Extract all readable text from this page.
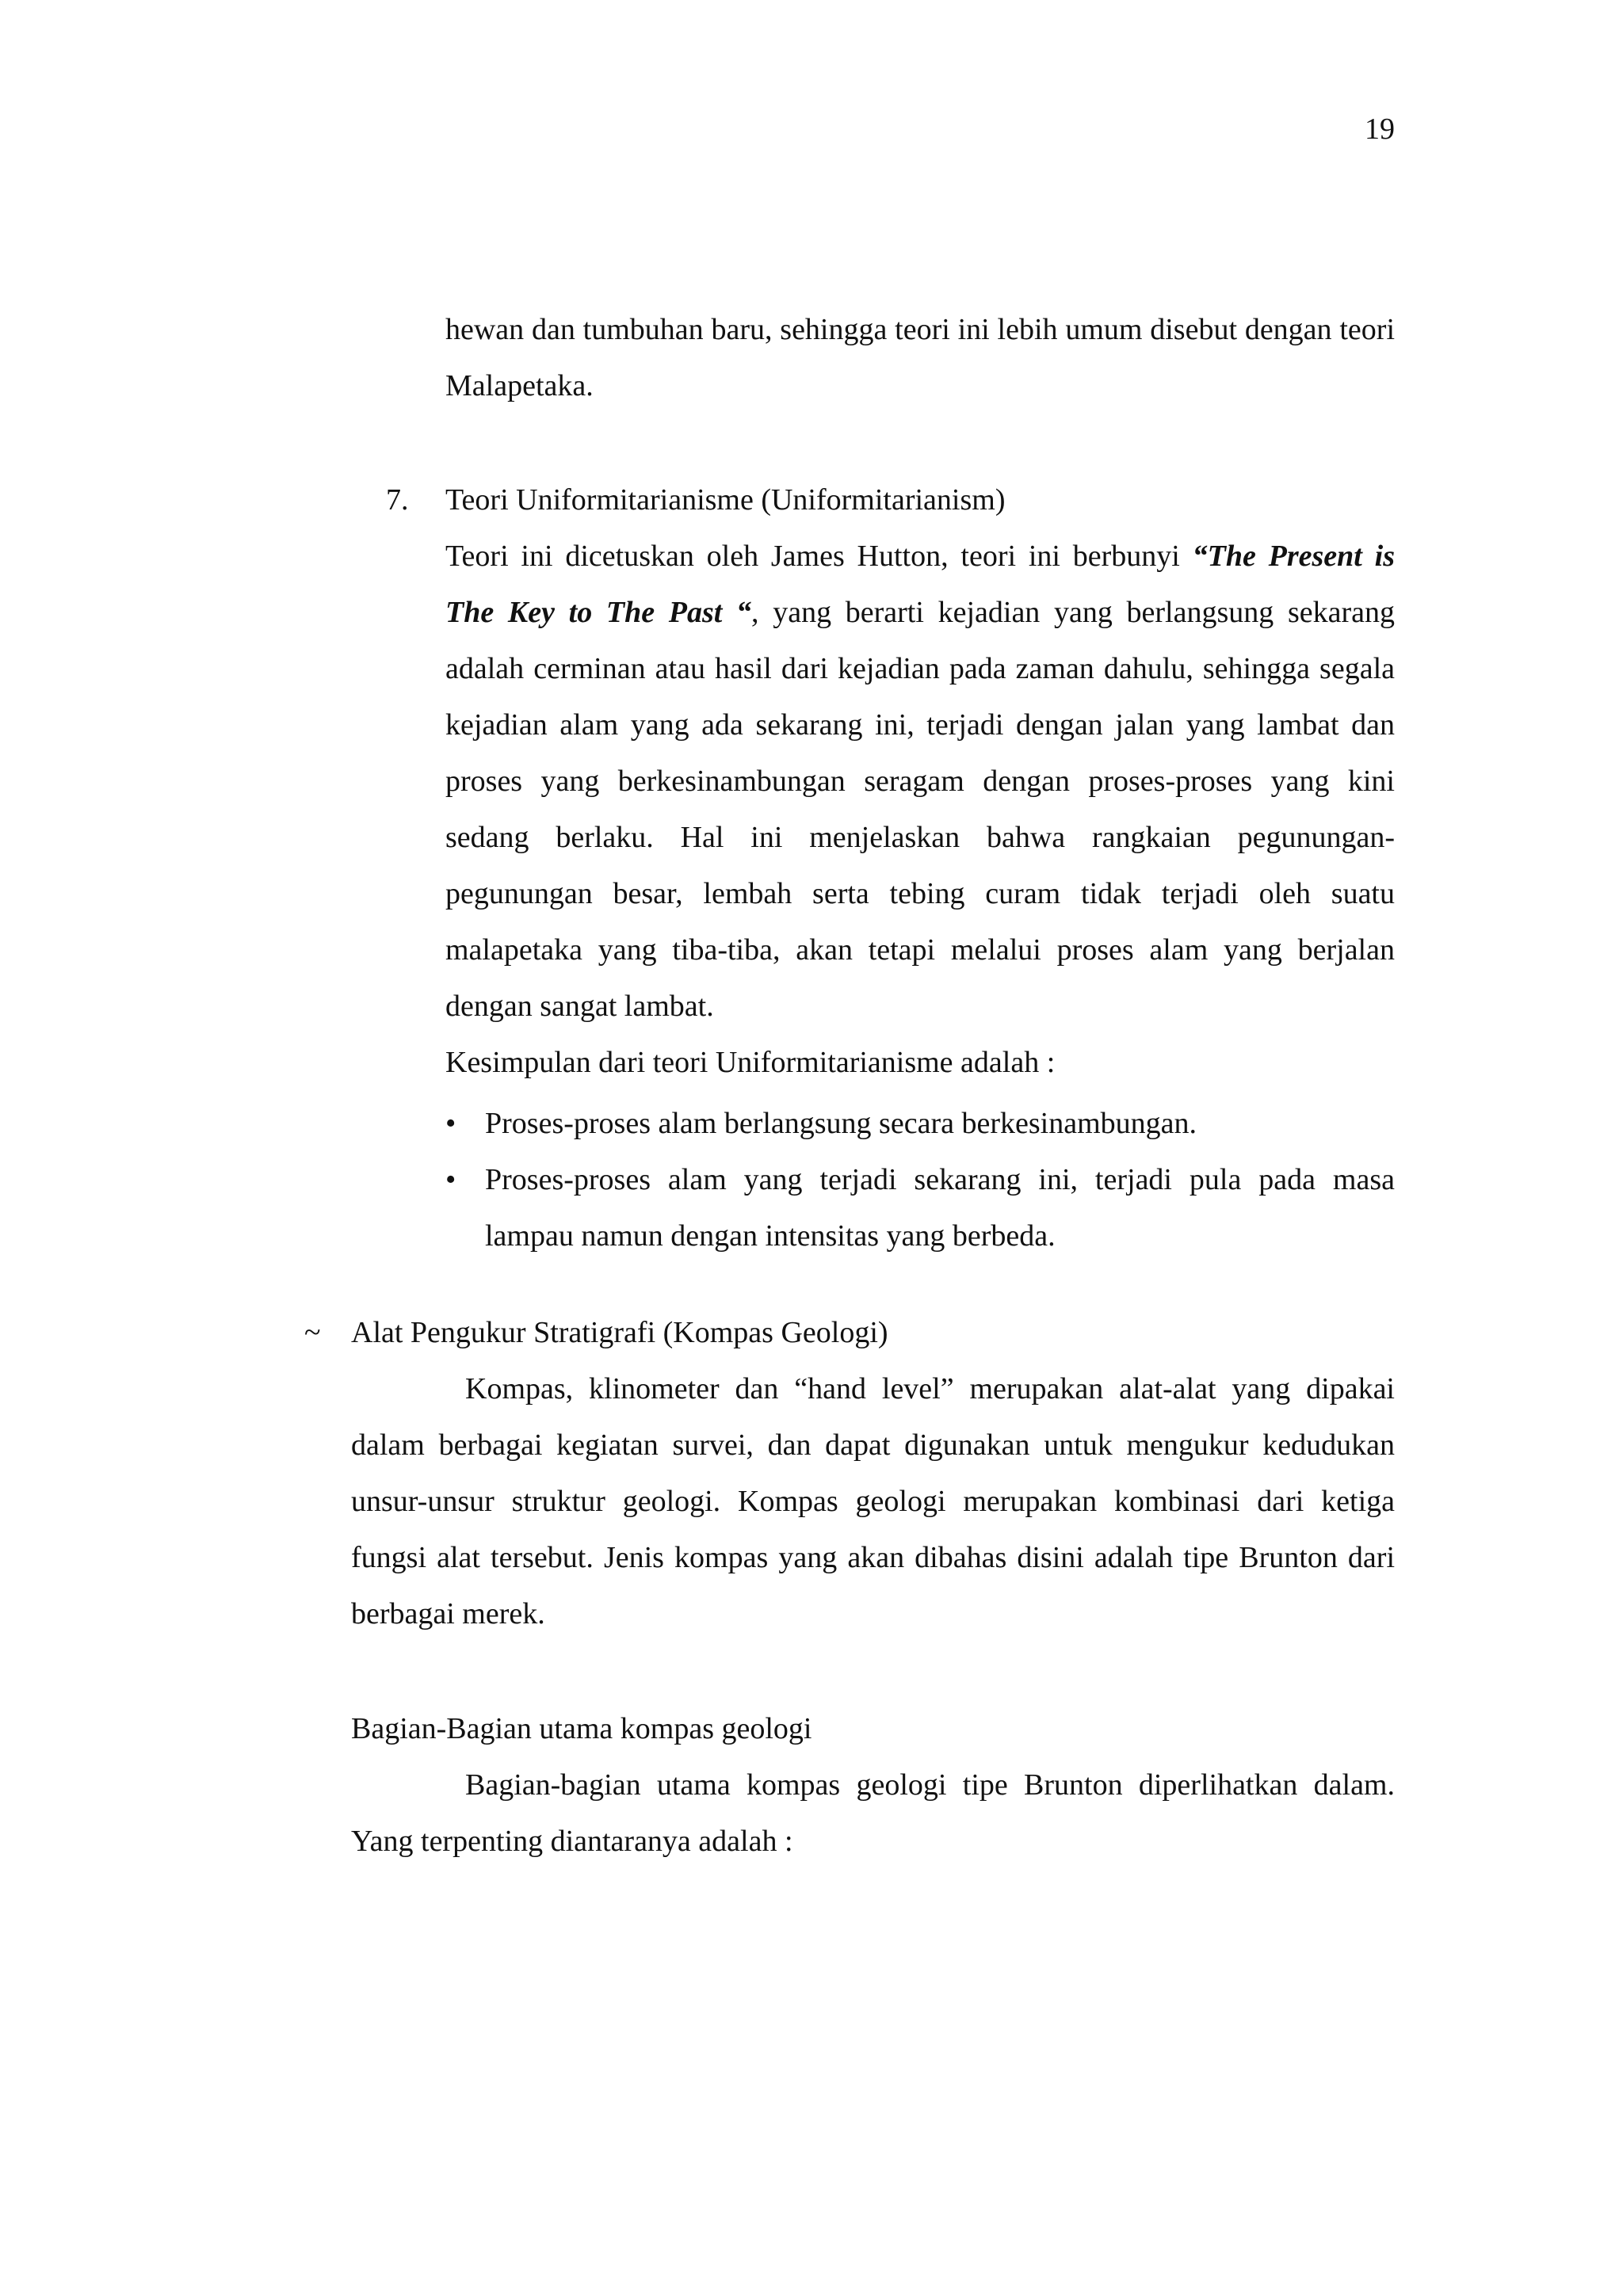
19

hewan dan tumbuhan baru, sehingga teori ini lebih umum disebut dengan teori Malapetaka.

7. Teori Uniformitarianisme (Uniformitarianism)

Teori ini dicetuskan oleh James Hutton, teori ini berbunyi “The Present is The Key to The Past “, yang berarti kejadian yang berlangsung sekarang adalah cerminan atau hasil dari kejadian pada zaman dahulu, sehingga segala kejadian alam yang ada sekarang ini, terjadi dengan jalan yang lambat dan proses yang berkesinambungan seragam dengan proses-proses yang kini sedang berlaku. Hal ini menjelaskan bahwa rangkaian pegunungan-pegunungan besar, lembah serta tebing curam tidak terjadi oleh suatu malapetaka yang tiba-tiba, akan tetapi melalui proses alam yang berjalan dengan sangat lambat.

Kesimpulan dari teori Uniformitarianisme adalah :

• Proses-proses alam berlangsung secara berkesinambungan.
• Proses-proses alam yang terjadi sekarang ini, terjadi pula pada masa lampau namun dengan intensitas yang berbeda.
~ Alat Pengukur Stratigrafi (Kompas Geologi)

Kompas, klinometer dan “hand level” merupakan alat-alat yang dipakai dalam berbagai kegiatan survei, dan dapat digunakan untuk mengukur kedudukan unsur-unsur struktur geologi. Kompas geologi merupakan kombinasi dari ketiga fungsi alat tersebut. Jenis kompas yang akan dibahas disini adalah tipe Brunton dari berbagai merek.

Bagian-Bagian utama kompas geologi

Bagian-bagian utama kompas geologi tipe Brunton diperlihatkan dalam. Yang terpenting diantaranya adalah :
